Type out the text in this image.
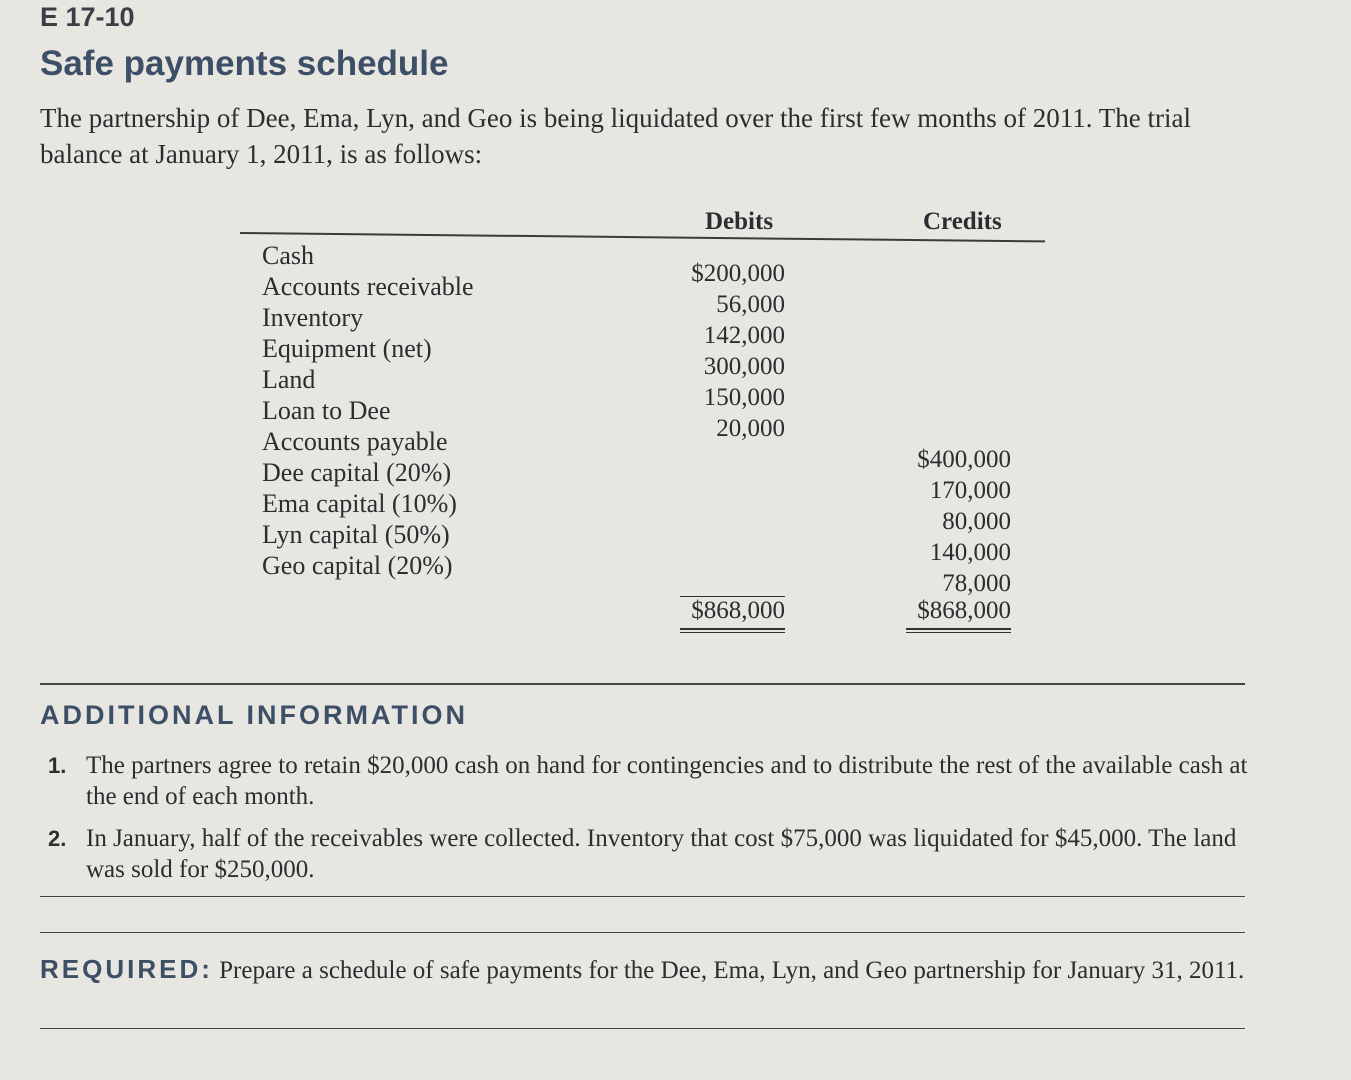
E 17-10
Safe payments schedule
The partnership of Dee, Ema, Lyn, and Geo is being liquidated over the first few months of 2011. The trial balance at January 1, 2011, is as follows:
Debits	Credits
Cash
Accounts receivable
Inventory
Equipment (net)
Land
Loan to Dee
Accounts payable
Dee capital (20%)
Ema capital (10%)
Lyn capital (50%)
Geo capital (20%)
$200,000
56,000
142,000
300,000
150,000
20,000
$400,000
170,000
80,000
140,000
78,000
$868,000	$868,000
ADDITIONAL INFORMATION
1. The partners agree to retain $20,000 cash on hand for contingencies and to distribute the rest of the available cash at the end of each month.
2. In January, half of the receivables were collected. Inventory that cost $75,000 was liquidated for $45,000. The land was sold for $250,000.
REQUIRED: Prepare a schedule of safe payments for the Dee, Ema, Lyn, and Geo partnership for January 31, 2011.
